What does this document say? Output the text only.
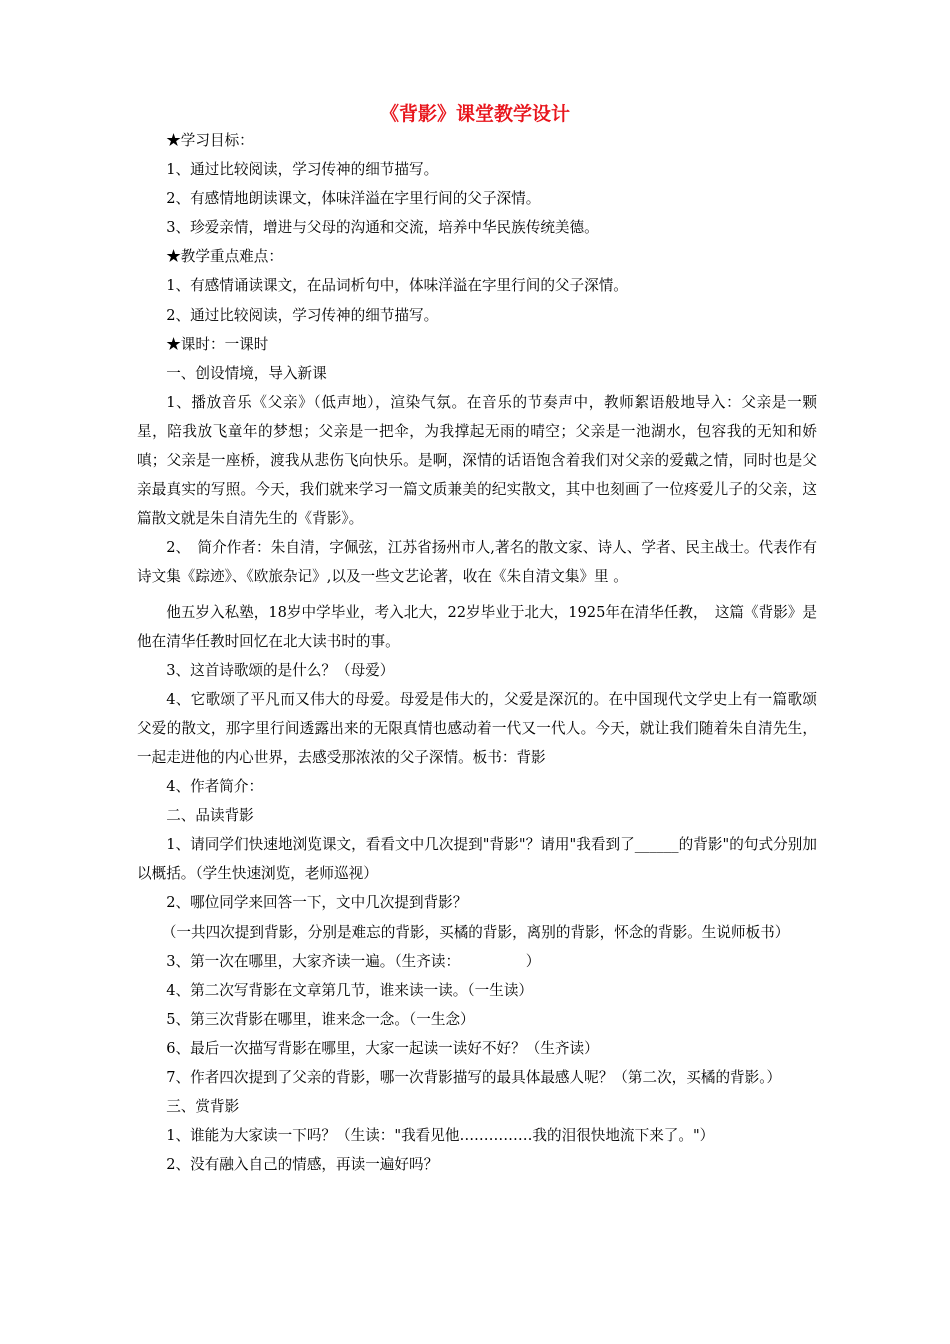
《背影》课堂教学设计

★学习目标：

1、通过比较阅读，学习传神的细节描写。

2、有感情地朗读课文，体味洋溢在字里行间的父子深情。

3、珍爱亲情，增进与父母的沟通和交流，培养中华民族传统美德。

★教学重点难点：

1、有感情诵读课文，在品词析句中，体味洋溢在字里行间的父子深情。

2、通过比较阅读，学习传神的细节描写。

★课时：一课时

一、创设情境，导入新课

1、播放音乐《父亲》（低声地），渲染气氛。在音乐的节奏声中，教师絮语般地导入：父亲是一颗星，陪我放飞童年的梦想；父亲是一把伞，为我撑起无雨的晴空；父亲是一池湖水，包容我的无知和娇嗔；父亲是一座桥，渡我从悲伤飞向快乐。是啊，深情的话语饱含着我们对父亲的爱戴之情，同时也是父亲最真实的写照。今天，我们就来学习一篇文质兼美的纪实散文，其中也刻画了一位疼爱儿子的父亲，这篇散文就是朱自清先生的《背影》。

2、　简介作者：朱自清，字佩弦，江苏省扬州市人,著名的散文家、诗人、学者、民主战士。代表作有诗文集《踪迹》、《欧旅杂记》,以及一些文艺论著，收在《朱自清文集》里 。

他五岁入私塾，18岁中学毕业，考入北大，22岁毕业于北大，1925年在清华任教，　这篇《背影》是他在清华任教时回忆在北大读书时的事。

3、这首诗歌颂的是什么？（母爱）

4、它歌颂了平凡而又伟大的母爱。母爱是伟大的，父爱是深沉的。在中国现代文学史上有一篇歌颂父爱的散文，那字里行间透露出来的无限真情也感动着一代又一代人。今天，就让我们随着朱自清先生，一起走进他的内心世界，去感受那浓浓的父子深情。板书：背影

4、作者简介：

二、品读背影

1、请同学们快速地浏览课文，看看文中几次提到"背影"？请用"我看到了______的背影"的句式分别加以概括。（学生快速浏览，老师巡视）

2、哪位同学来回答一下，文中几次提到背影？

（一共四次提到背影，分别是难忘的背影，买橘的背影，离别的背影，怀念的背影。生说师板书）

3、第一次在哪里，大家齐读一遍。（生齐读：　　　　　）

4、第二次写背影在文章第几节，谁来读一读。（一生读）

5、第三次背影在哪里，谁来念一念。（一生念）

6、最后一次描写背影在哪里，大家一起读一读好不好？（生齐读）

7、作者四次提到了父亲的背影，哪一次背影描写的最具体最感人呢？（第二次，买橘的背影。）

三、赏背影

1、谁能为大家读一下吗？（生读："我看见他……………我的泪很快地流下来了。"）

2、没有融入自己的情感，再读一遍好吗？
